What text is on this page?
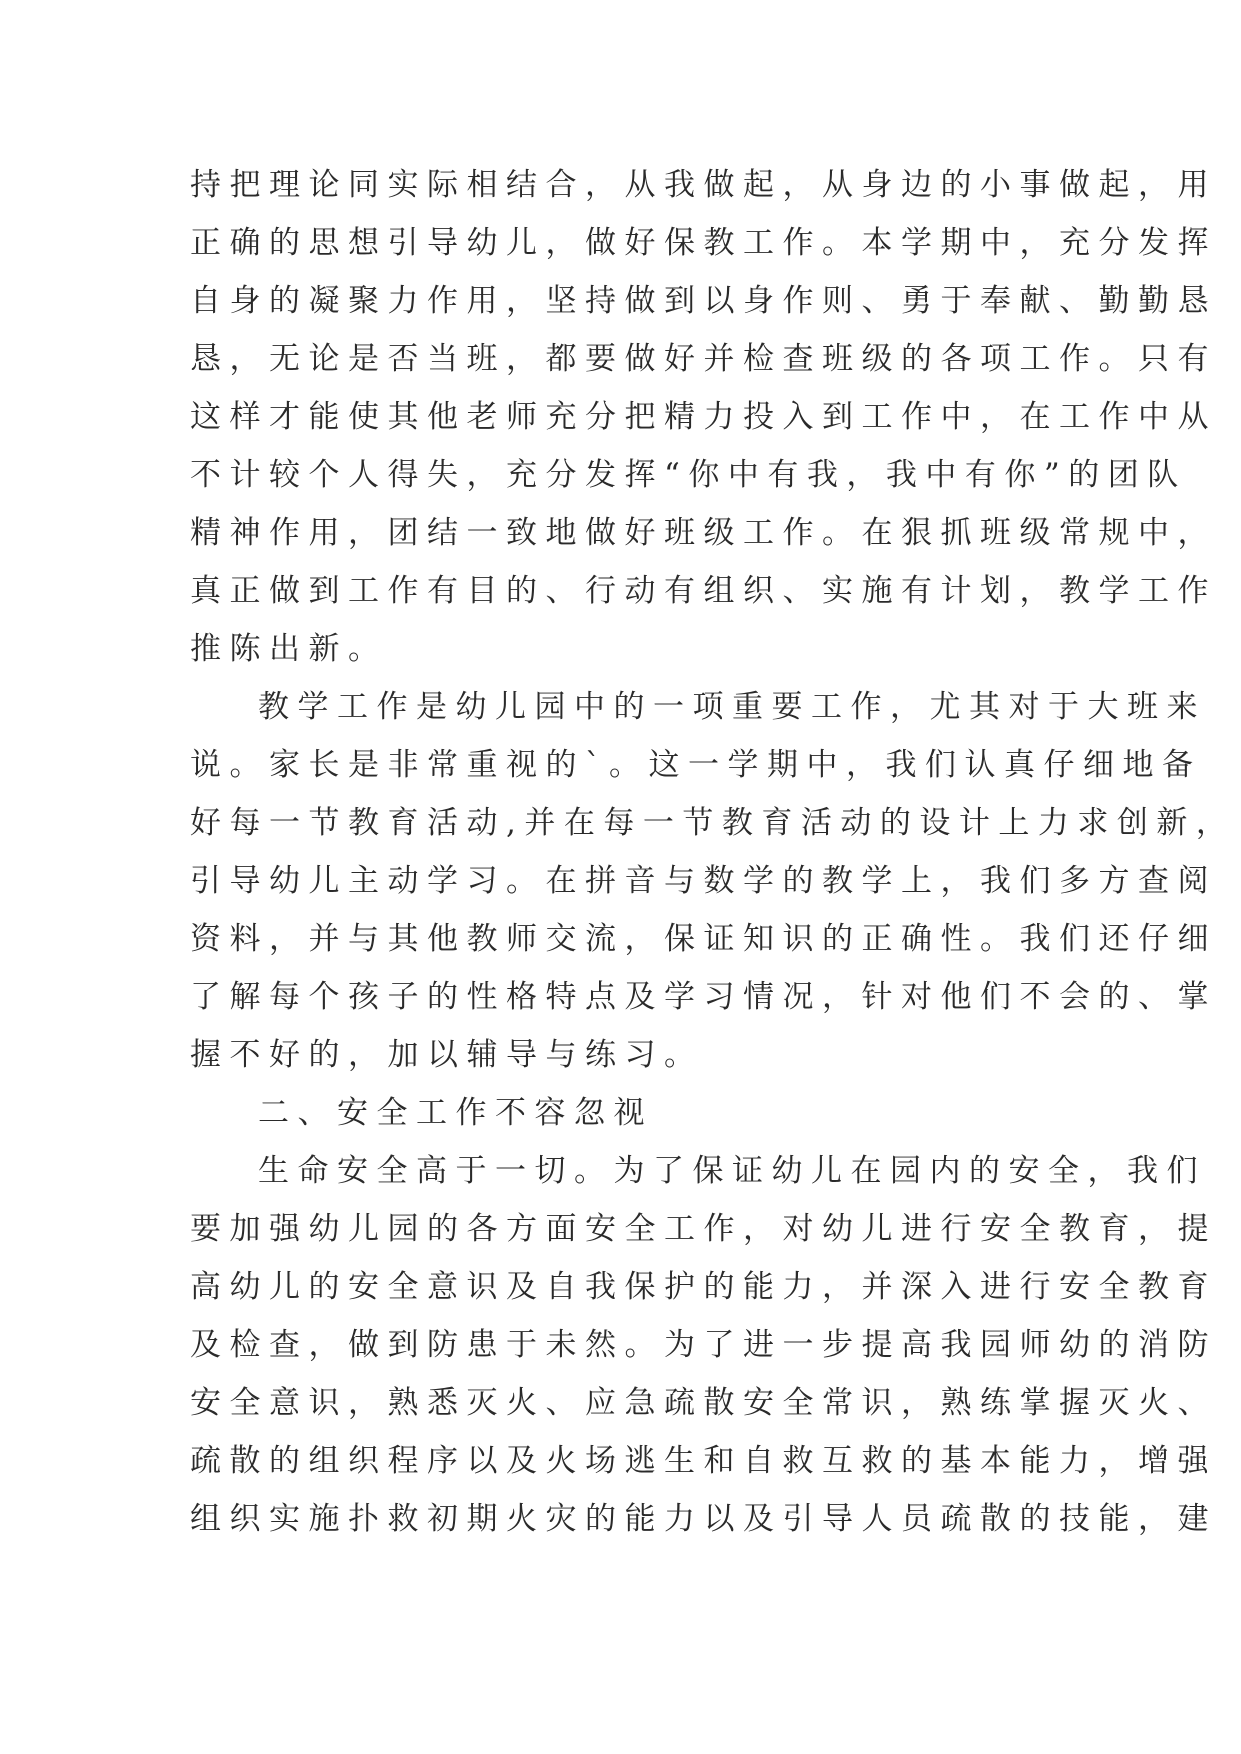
持把理论同实际相结合，从我做起，从身边的小事做起，用
正确的思想引导幼儿，做好保教工作。本学期中，充分发挥
自身的凝聚力作用，坚持做到以身作则、勇于奉献、勤勤恳
恳，无论是否当班，都要做好并检查班级的各项工作。只有
这样才能使其他老师充分把精力投入到工作中，在工作中从
不计较个人得失，充分发挥“你中有我，我中有你”的团队
精神作用，团结一致地做好班级工作。在狠抓班级常规中，
真正做到工作有目的、行动有组织、实施有计划，教学工作
推陈出新。
教学工作是幼儿园中的一项重要工作，尤其对于大班来
说。家长是非常重视的`。这一学期中，我们认真仔细地备
好每一节教育活动,并在每一节教育活动的设计上力求创新，
引导幼儿主动学习。在拼音与数学的教学上，我们多方查阅
资料，并与其他教师交流，保证知识的正确性。我们还仔细
了解每个孩子的性格特点及学习情况，针对他们不会的、掌
握不好的，加以辅导与练习。
二、安全工作不容忽视
生命安全高于一切。为了保证幼儿在园内的安全，我们
要加强幼儿园的各方面安全工作，对幼儿进行安全教育，提
高幼儿的安全意识及自我保护的能力，并深入进行安全教育
及检查，做到防患于未然。为了进一步提高我园师幼的消防
安全意识，熟悉灭火、应急疏散安全常识，熟练掌握灭火、
疏散的组织程序以及火场逃生和自救互救的基本能力，增强
组织实施扑救初期火灾的能力以及引导人员疏散的技能，建
